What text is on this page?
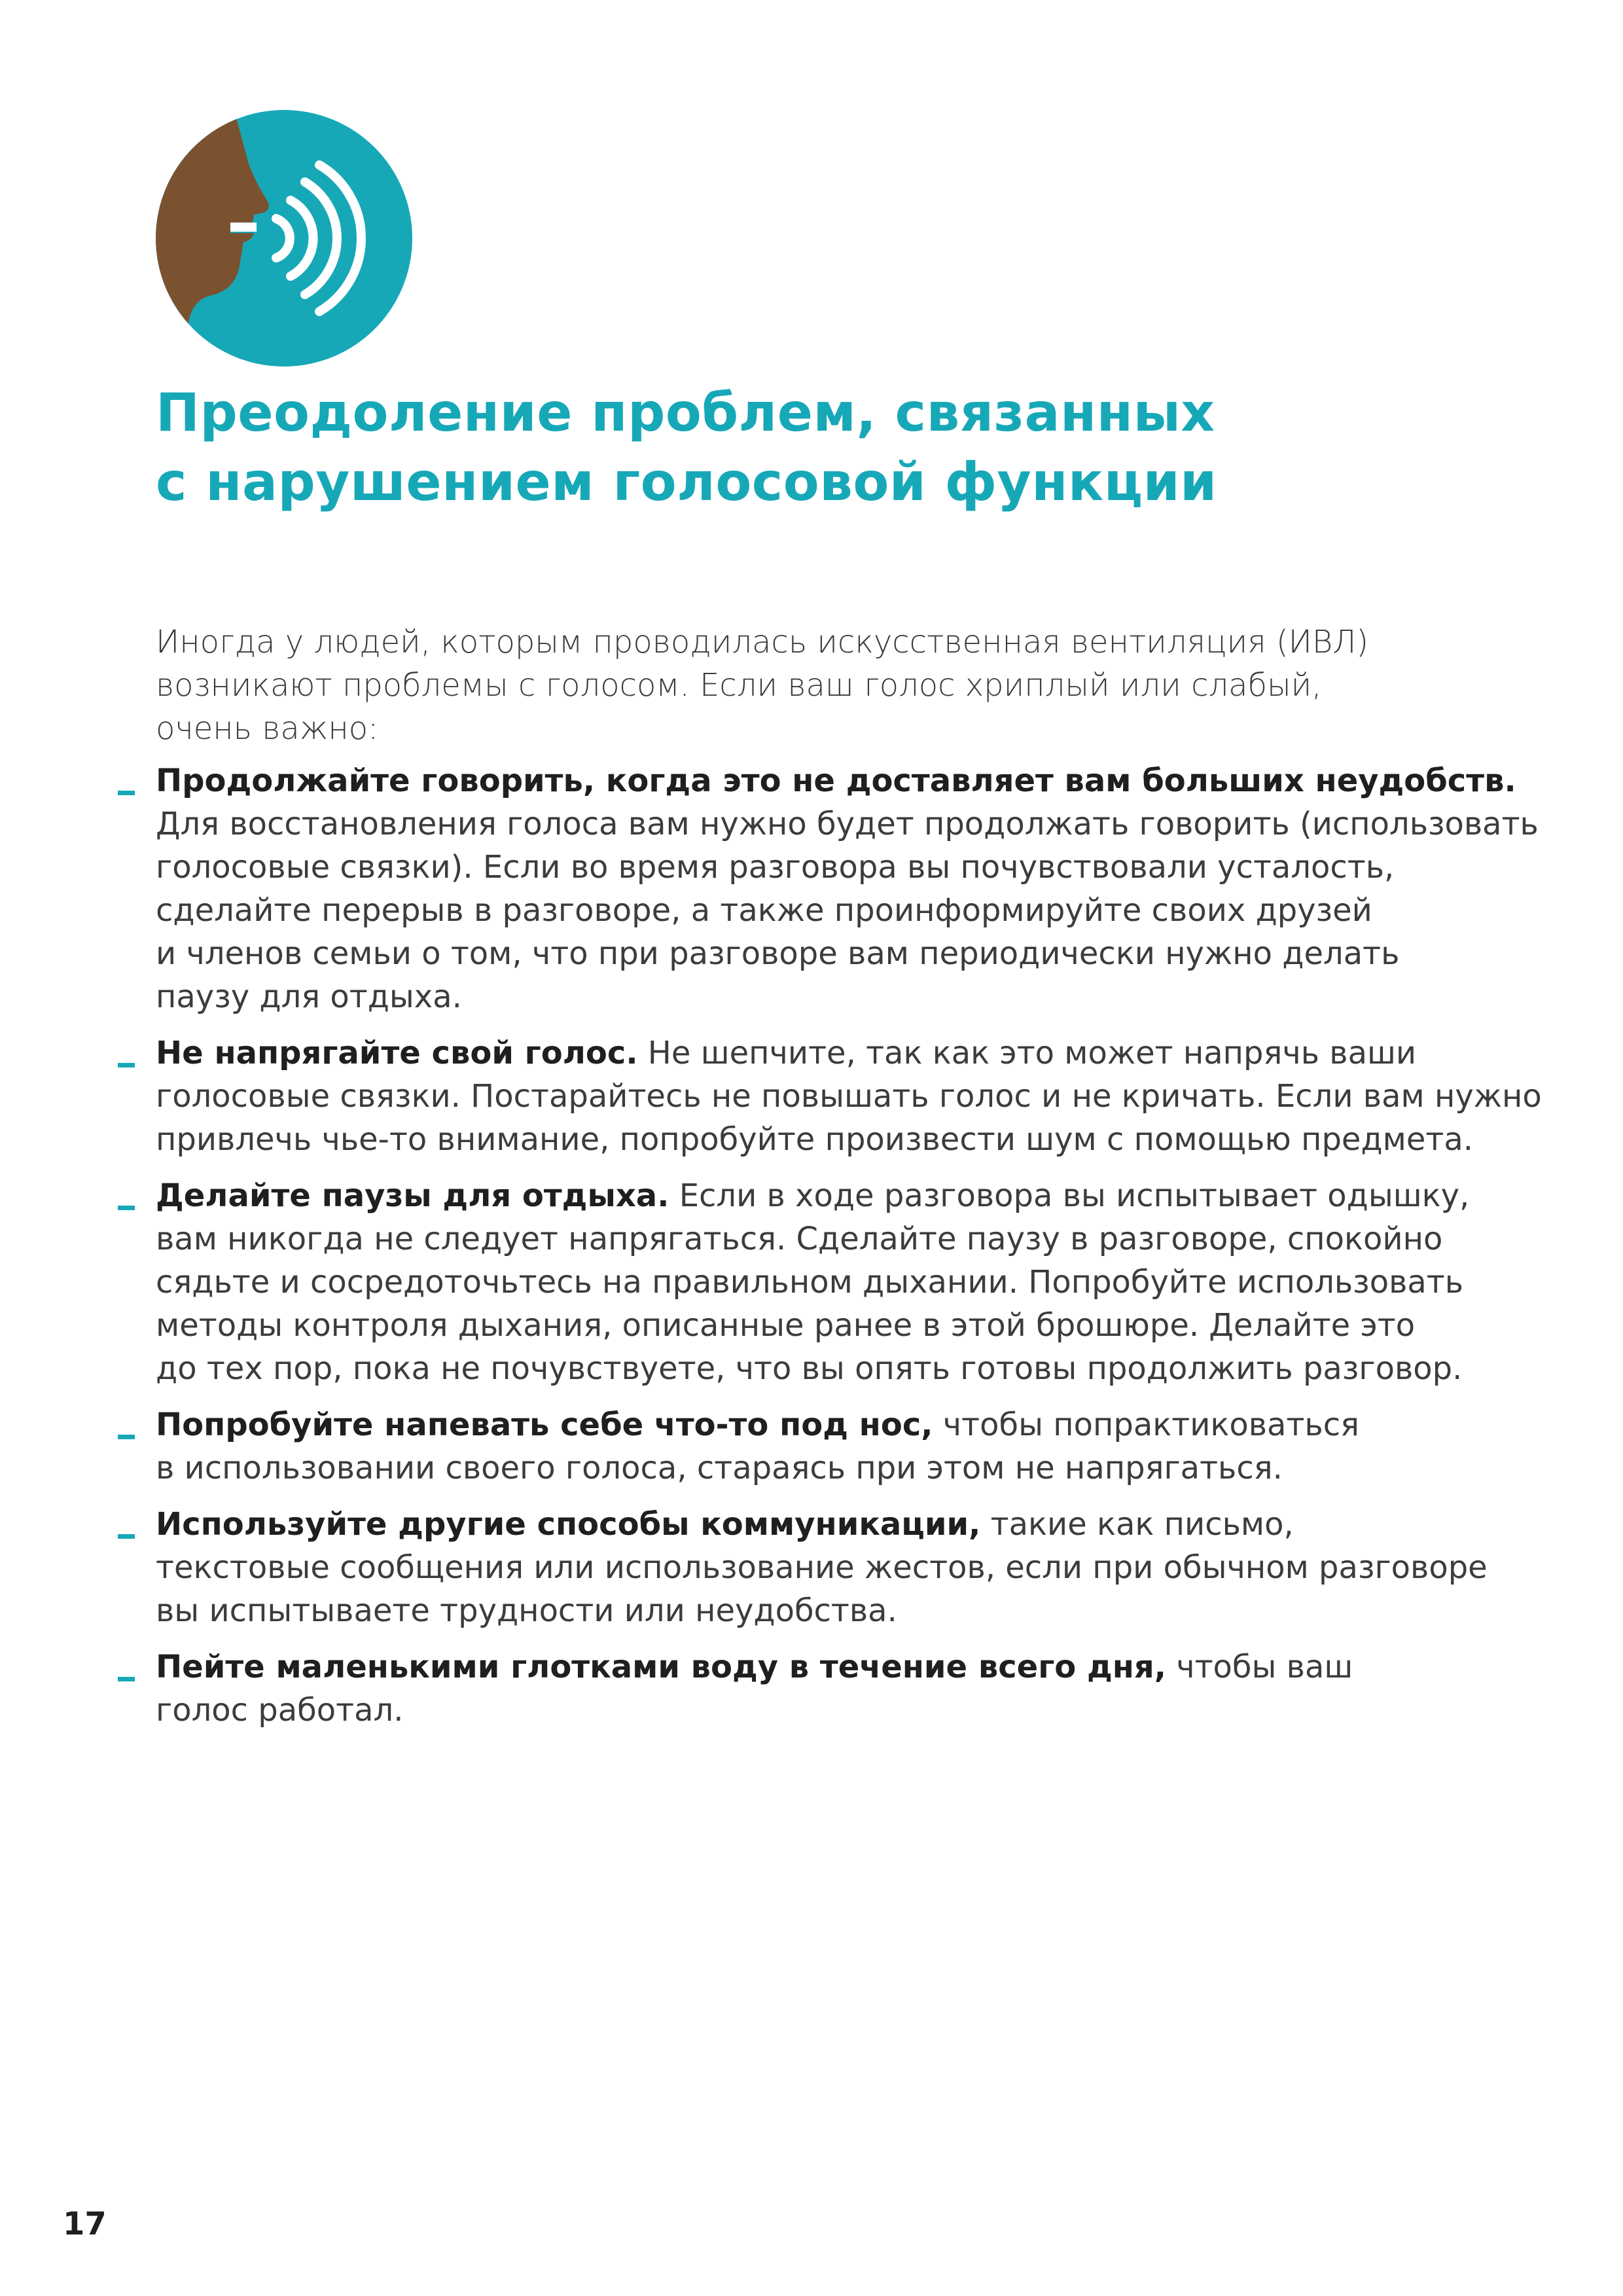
Преодоление проблем, связанных
с нарушением голосовой функции

Иногда у людей, которым проводилась искусственная вентиляция (ИВЛ)
возникают проблемы с голосом. Если ваш голос хриплый или слабый,
очень важно:

Продолжайте говорить, когда это не доставляет вам больших неудобств.
Для восстановления голоса вам нужно будет продолжать говорить (использовать
голосовые связки). Если во время разговора вы почувствовали усталость,
сделайте перерыв в разговоре, а также проинформируйте своих друзей
и членов семьи о том, что при разговоре вам периодически нужно делать
паузу для отдыха.
Не напрягайте свой голос. Не шепчите, так как это может напрячь ваши
голосовые связки. Постарайтесь не повышать голос и не кричать. Если вам нужно
привлечь чье-то внимание, попробуйте произвести шум с помощью предмета.
Делайте паузы для отдыха. Если в ходе разговора вы испытывает одышку,
вам никогда не следует напрягаться. Сделайте паузу в разговоре, спокойно
сядьте и сосредоточьтесь на правильном дыхании. Попробуйте использовать
методы контроля дыхания, описанные ранее в этой брошюре. Делайте это
до тех пор, пока не почувствуете, что вы опять готовы продолжить разговор.
Попробуйте напевать себе что-то под нос, чтобы попрактиковаться
в использовании своего голоса, стараясь при этом не напрягаться.
Используйте другие способы коммуникации, такие как письмо,
текстовые сообщения или использование жестов, если при обычном разговоре
вы испытываете трудности или неудобства.
Пейте маленькими глотками воду в течение всего дня, чтобы ваш
голос работал.

17
